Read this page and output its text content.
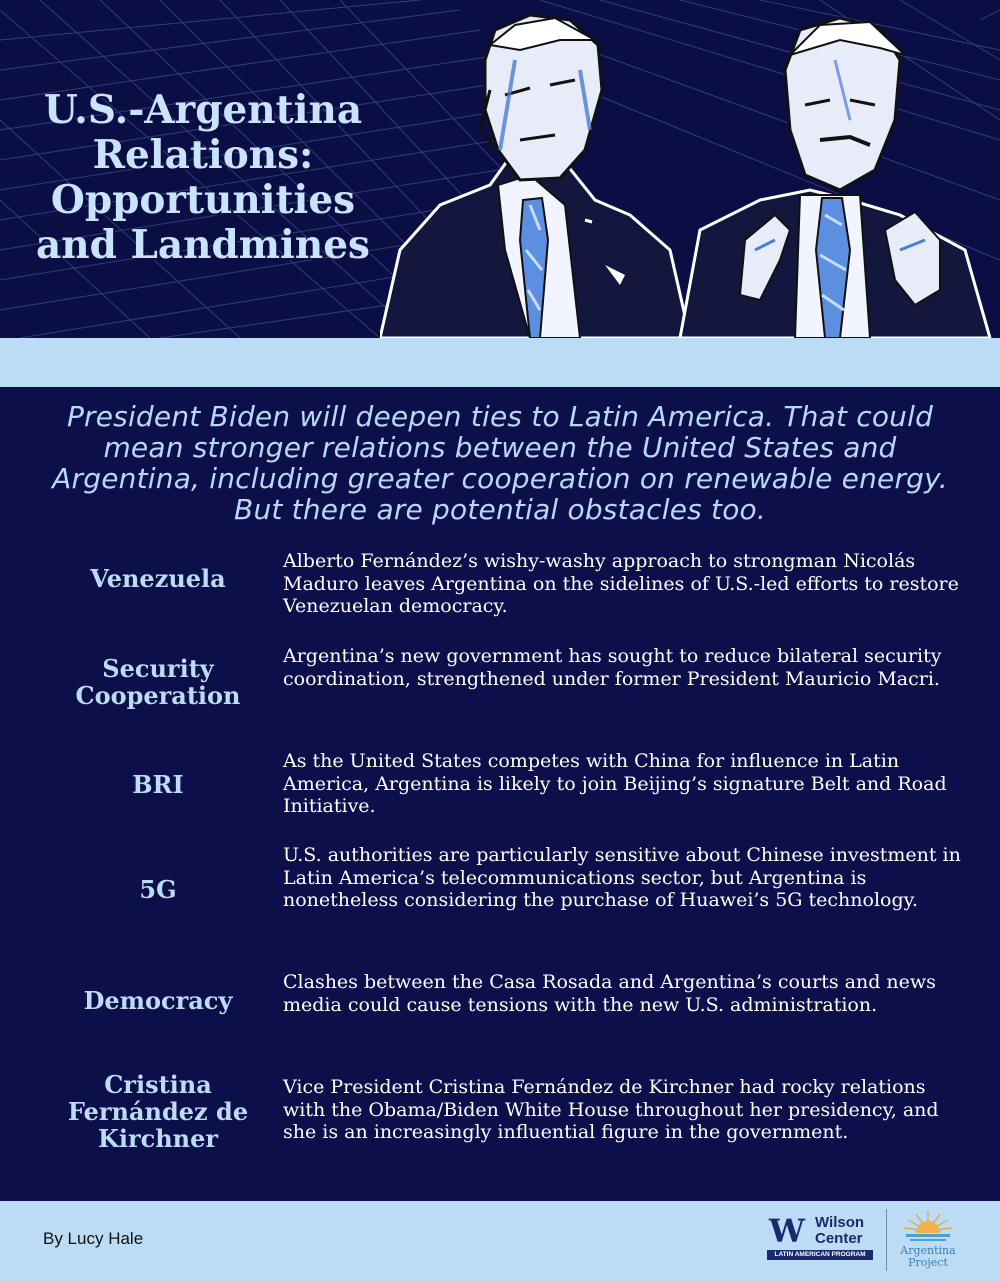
U.S.-Argentina
Relations:
Opportunities
and Landmines

President Biden will deepen ties to Latin America. That could mean stronger relations between the United States and Argentina, including greater cooperation on renewable energy. But there are potential obstacles too.

Venezuela

Alberto Fernández’s wishy-washy approach to strongman Nicolás Maduro leaves Argentina on the sidelines of U.S.-led efforts to restore Venezuelan democracy.

Security Cooperation

Argentina’s new government has sought to reduce bilateral security coordination, strengthened under former President Mauricio Macri.

BRI

As the United States competes with China for influence in Latin America, Argentina is likely to join Beijing’s signature Belt and Road Initiative.

5G

U.S. authorities are particularly sensitive about Chinese investment in Latin America’s telecommunications sector, but Argentina is nonetheless considering the purchase of Huawei’s 5G technology.

Democracy

Clashes between the Casa Rosada and Argentina’s courts and news media could cause tensions with the new U.S. administration.

Cristina Fernández de Kirchner

Vice President Cristina Fernández de Kirchner had rocky relations with the Obama/Biden White House throughout her presidency, and she is an increasingly influential figure in the government.

By Lucy Hale	W Wilson
Center
LATIN AMERICAN PROGRAM	Argentina
Project
